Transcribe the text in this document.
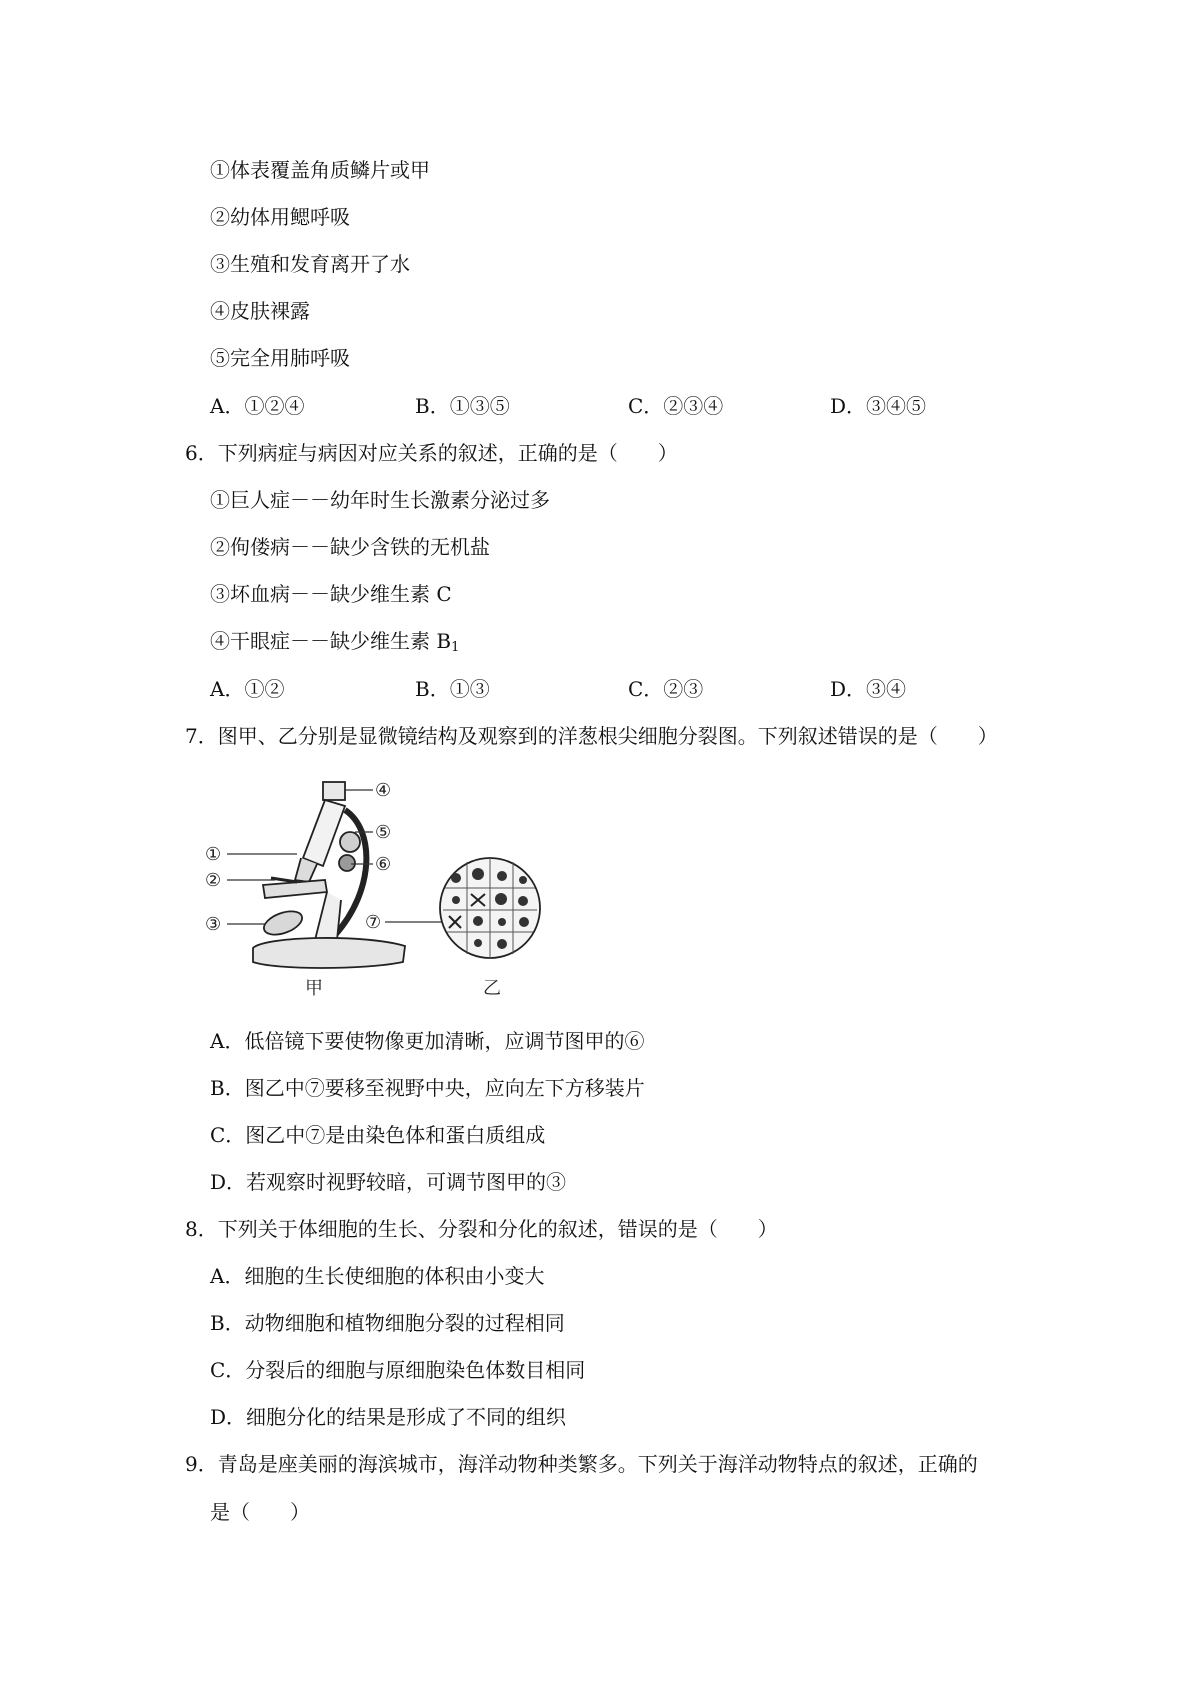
①体表覆盖角质鳞片或甲
②幼体用鳃呼吸
③生殖和发育离开了水
④皮肤裸露
⑤完全用肺呼吸
A．①②④	B．①③⑤	C．②③④	D．③④⑤
6．下列病症与病因对应关系的叙述，正确的是（　　）
①巨人症－－幼年时生长激素分泌过多
②佝偻病－－缺少含铁的无机盐
③坏血病－－缺少维生素 C
④干眼症－－缺少维生素 $B_1$
A．①②	B．①③	C．②③	D．③④
7．图甲、乙分别是显微镜结构及观察到的洋葱根尖细胞分裂图。下列叙述错误的是（　　）
①
②
③
④
⑤
⑥
⑦
甲	乙
A．低倍镜下要使物像更加清晰，应调节图甲的⑥
B．图乙中⑦要移至视野中央，应向左下方移装片
C．图乙中⑦是由染色体和蛋白质组成
D．若观察时视野较暗，可调节图甲的③
8．下列关于体细胞的生长、分裂和分化的叙述，错误的是（　　）
A．细胞的生长使细胞的体积由小变大
B．动物细胞和植物细胞分裂的过程相同
C．分裂后的细胞与原细胞染色体数目相同
D．细胞分化的结果是形成了不同的组织
9．青岛是座美丽的海滨城市，海洋动物种类繁多。下列关于海洋动物特点的叙述，正确的
是（　　）
